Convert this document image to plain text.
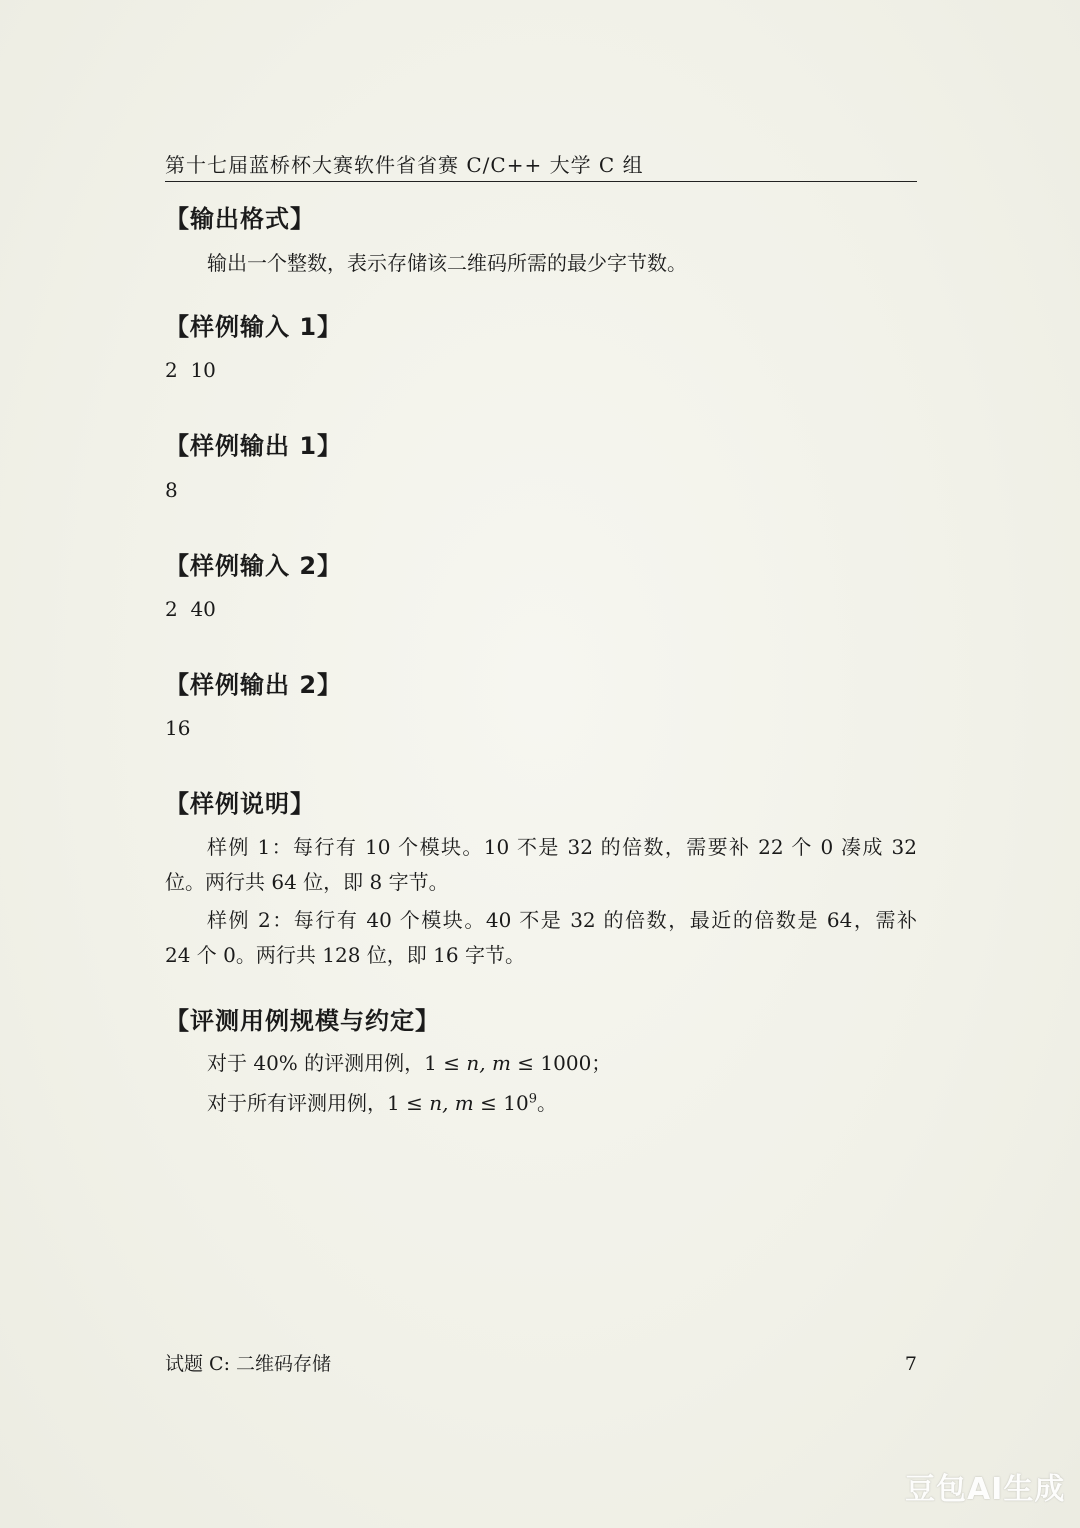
第十七届蓝桥杯大赛软件省省赛 C/C++ 大学 C 组
【输出格式】
输出一个整数，表示存储该二维码所需的最少字节数。
【样例输入 1】
2  10
【样例输出 1】
8
【样例输入 2】
2  40
【样例输出 2】
16
【样例说明】
样例 1：每行有 10 个模块。10 不是 32 的倍数，需要补 22 个 0 凑成 32
位。两行共 64 位，即 8 字节。
样例 2：每行有 40 个模块。40 不是 32 的倍数，最近的倍数是 64，需补
24 个 0。两行共 128 位，即 16 字节。
【评测用例规模与约定】
对于 40% 的评测用例，1 ≤ n, m ≤ 1000；
对于所有评测用例，1 ≤ n, $m \le 10^9$。
试题 C: 二维码存储	7
豆包AI生成
